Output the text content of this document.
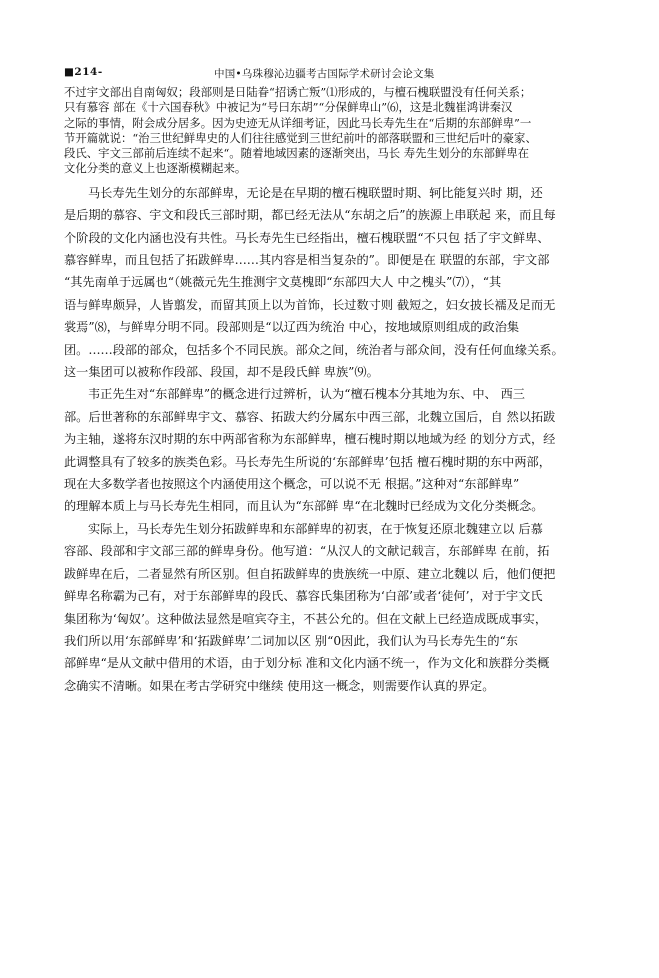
■214-	中国•乌珠穆沁边疆考古国际学术研讨会论文集

不过宇文部出自南匈奴；段部则是日陆眷“招诱亡叛”⑴形成的，与檀石槐联盟没有任何关系；
只有慕容 部在《十六国春秋》中被记为“号曰东胡”“分保鲜卑山”⑹，这是北魏崔鸿讲秦汉
之际的事情，附会成分居多。因为史迹无从详细考证，因此马长寿先生在“后期的东部鲜卑”一
节开篇就说：“治三世纪鲜卑史的人们往往感觉到三世纪前叶的部落联盟和三世纪后叶的豪家、
段氏、宇文三部前后连续不起来“。随着地域因素的逐渐突出，马长 寿先生划分的东部鲜卑在
文化分类的意义上也逐渐模糊起来。

马长寿先生划分的东部鲜卑，无论是在早期的檀石槐联盟时期、轲比能复兴时 期，还
是后期的慕容、宇文和段氏三部时期，都已经无法从“东胡之后”的族源上串联起 来，而且每
个阶段的文化内涵也没有共性。马长寿先生已经指出，檀石槐联盟“不只包 括了宇文鲜卑、
慕容鲜卑，而且包括了拓跋鲜卑……其内容是相当复杂的”。即便是在 联盟的东部，宇文部
“其先南单于远属也“（姚薇元先生推测宇文莫槐即“东部四大人 中之槐头”⑺），“其
语与鲜卑颇异，人皆翦发，而留其顶上以为首饰，长过数寸则 截短之，妇女披长襦及足而无
裳焉”⑻，与鲜卑分明不同。段部则是“以辽西为统治 中心，按地域原则组成的政治集
团。……段部的部众，包括多个不同民族。部众之间，统治者与部众间，没有任何血缘关系。
这一集团可以被称作段部、段国，却不是段氏鲜 卑族”⑼。

韦正先生对“东部鲜卑”的概念进行过辨析，认为“檀石槐本分其地为东、中、 西三
部。后世著称的东部鲜卑宇文、慕容、拓跋大约分属东中西三部，北魏立国后，自 然以拓跋
为主轴，遂将东汉时期的东中两部省称为东部鲜卑，檀石槐时期以地域为经 的划分方式，经
此调整具有了较多的族类色彩。马长寿先生所说的‘东部鲜卑’包括 檀石槐时期的东中两部，
现在大多数学者也按照这个内涵使用这个概念，可以说不无 根据。”这种对“东部鲜卑”
的理解本质上与马长寿先生相同，而且认为“东部鲜 卑“在北魏时已经成为文化分类概念。

实际上，马长寿先生划分拓跋鲜卑和东部鲜卑的初衷，在于恢复还原北魏建立以 后慕
容部、段部和宇文部三部的鲜卑身份。他写道：“从汉人的文献记载言，东部鲜卑 在前，拓
跋鲜卑在后，二者显然有所区别。但自拓跋鲜卑的贵族统一中原、建立北魏以 后，他们便把
鲜卑名称霸为己有，对于东部鲜卑的段氏、慕容氏集团称为‘白部’或者‘徒何’，对于宇文氏
集团称为‘匈奴’。这种做法显然是喧宾夺主，不甚公允的。但在文献上已经造成既成事实，
我们所以用‘东部鲜卑’和‘拓跋鲜卑’二词加以区 别“0因此，我们认为马长寿先生的“东
部鲜卑“是从文献中借用的术语，由于划分标 准和文化内涵不统一，作为文化和族群分类概
念确实不清晰。如果在考古学研究中继续 使用这一概念，则需要作认真的界定。
